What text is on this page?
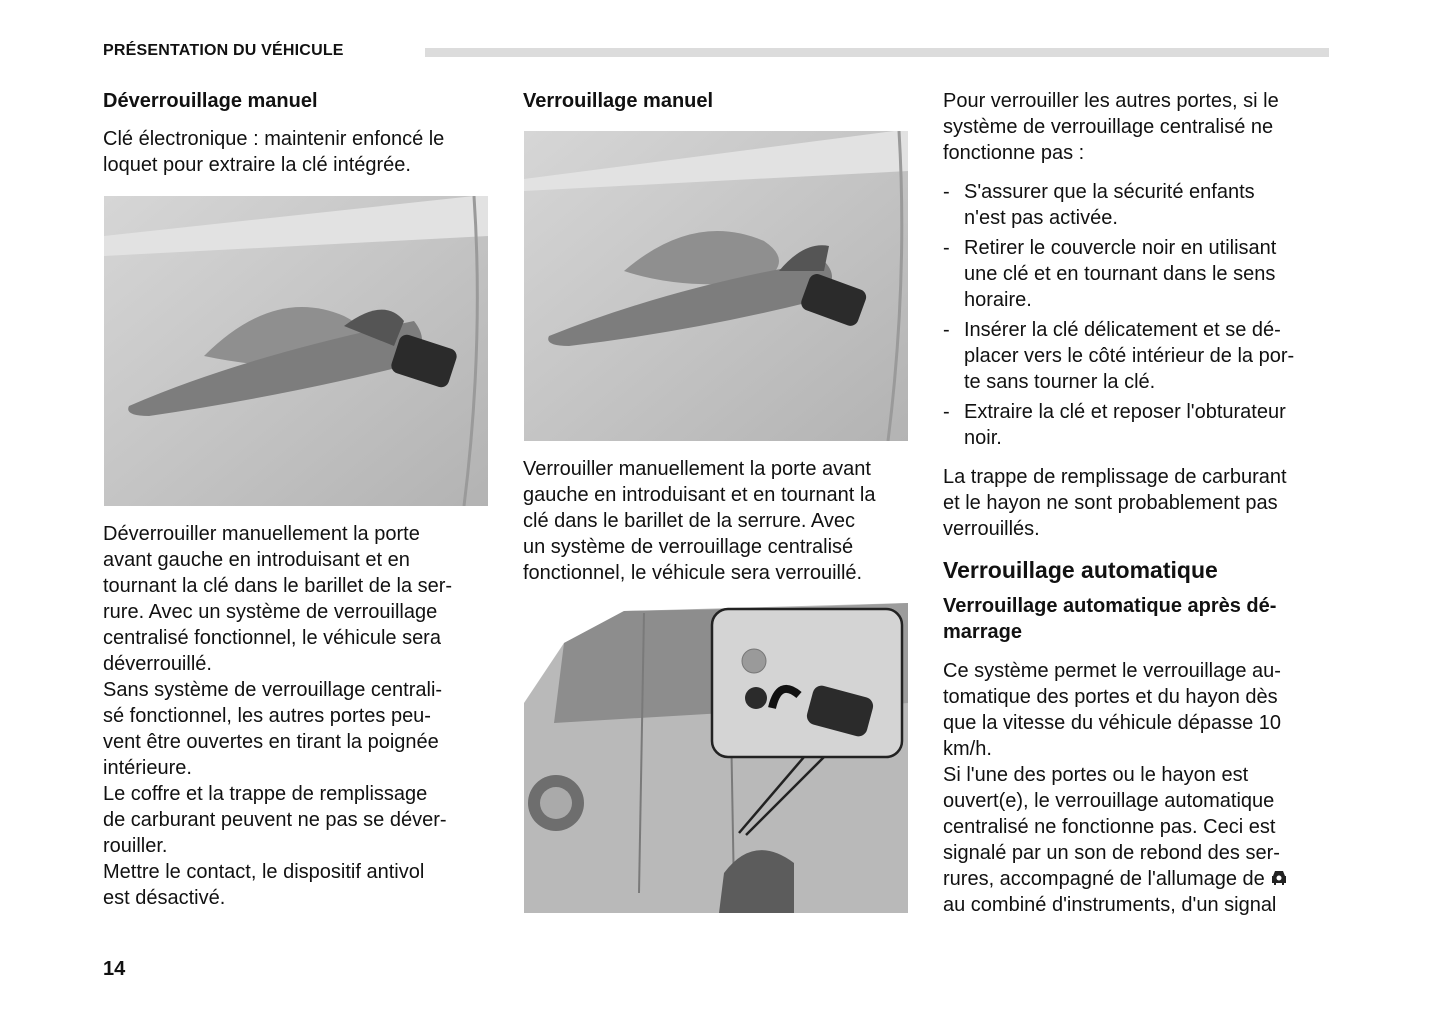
PRÉSENTATION DU VÉHICULE

Déverrouillage manuel

Clé électronique : maintenir enfoncé le

loquet pour extraire la clé intégrée.

Déverrouiller manuellement la porte

avant gauche en introduisant et en

tournant la clé dans le barillet de la ser-

rure. Avec un système de verrouillage

centralisé fonctionnel, le véhicule sera

déverrouillé.

Sans système de verrouillage centrali-

sé fonctionnel, les autres portes peu-

vent être ouvertes en tirant la poignée

intérieure.

Le coffre et la trappe de remplissage

de carburant peuvent ne pas se déver-

rouiller.

Mettre le contact, le dispositif antivol

est désactivé.

Verrouillage manuel

Verrouiller manuellement la porte avant

gauche en introduisant et en tournant la

clé dans le barillet de la serrure. Avec

un système de verrouillage centralisé

fonctionnel, le véhicule sera verrouillé.

Pour verrouiller les autres portes, si le

système de verrouillage centralisé ne

fonctionne pas :

- S'assurer que la sécurité enfants

n'est pas activée.

- Retirer le couvercle noir en utilisant

une clé et en tournant dans le sens

horaire.

- Insérer la clé délicatement et se dé-

placer vers le côté intérieur de la por-

te sans tourner la clé.

- Extraire la clé et reposer l'obturateur

noir.

La trappe de remplissage de carburant

et le hayon ne sont probablement pas

verrouillés.

Verrouillage automatique

Verrouillage automatique après dé-

marrage

Ce système permet le verrouillage au-

tomatique des portes et du hayon dès

que la vitesse du véhicule dépasse 10

km/h.

Si l'une des portes ou le hayon est

ouvert(e), le verrouillage automatique

centralisé ne fonctionne pas. Ceci est

signalé par un son de rebond des ser-

rures, accompagné de l'allumage de

au combiné d'instruments, d'un signal

14
